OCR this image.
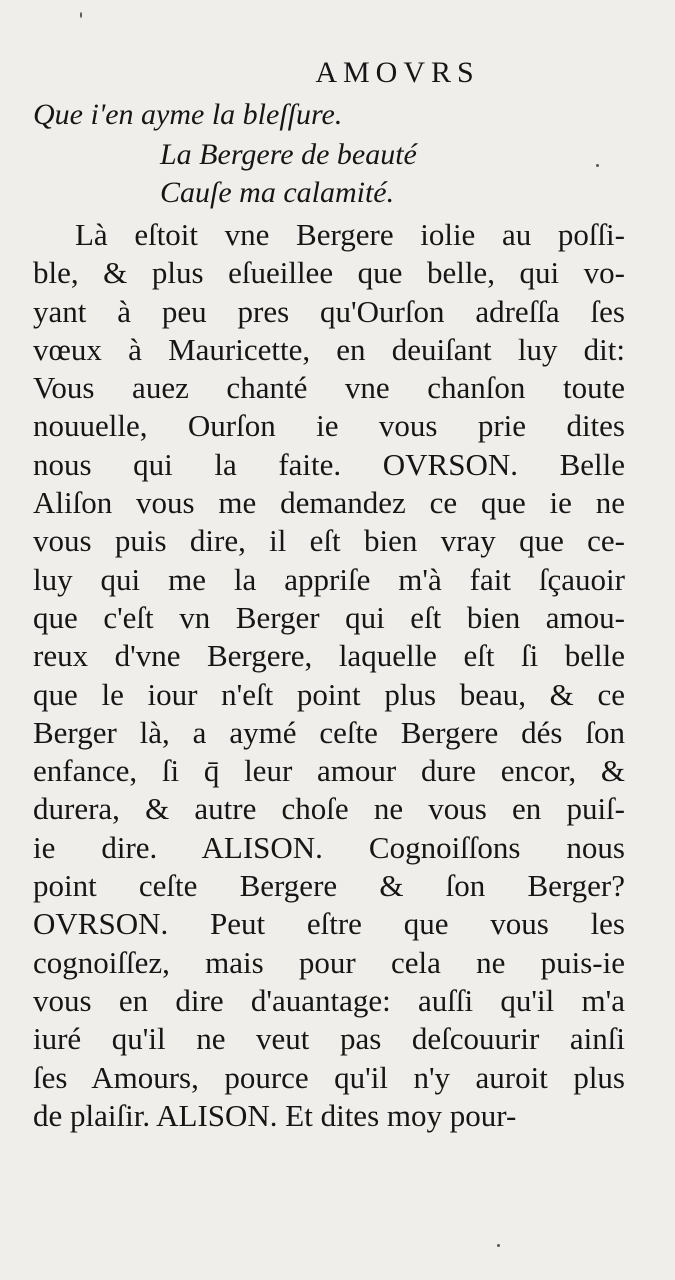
AMOVRS
Que i'en ayme la bleſſure.
La Bergere de beauté
Cauſe ma calamité.
Là eſtoit vne Bergere iolie au poſſi-
ble, & plus eſueillee que belle, qui vo-
yant à peu pres qu'Ourſon adreſſa ſes
vœux à Mauricette, en deuiſant luy dit:
Vous auez chanté vne chanſon toute
nouuelle, Ourſon ie vous prie dites
nous qui la faite. OVRSON. Belle
Aliſon vous me demandez ce que ie ne
vous puis dire, il eſt bien vray que ce-
luy qui me la appriſe m'à fait ſçauoir
que c'eſt vn Berger qui eſt bien amou-
reux d'vne Bergere, laquelle eſt ſi belle
que le iour n'eſt point plus beau, & ce
Berger là, a aymé ceſte Bergere dés ſon
enfance, ſi q̄ leur amour dure encor, &
durera, & autre choſe ne vous en puiſ-
ie dire. ALISON. Cognoiſſons nous
point ceſte Bergere & ſon Berger?
OVRSON. Peut eſtre que vous les
cognoiſſez, mais pour cela ne puis-ie
vous en dire d'auantage: auſſi qu'il m'a
iuré qu'il ne veut pas deſcouurir ainſi
ſes Amours, pource qu'il n'y auroit plus
de plaiſir. ALISON. Et dites moy pour-
